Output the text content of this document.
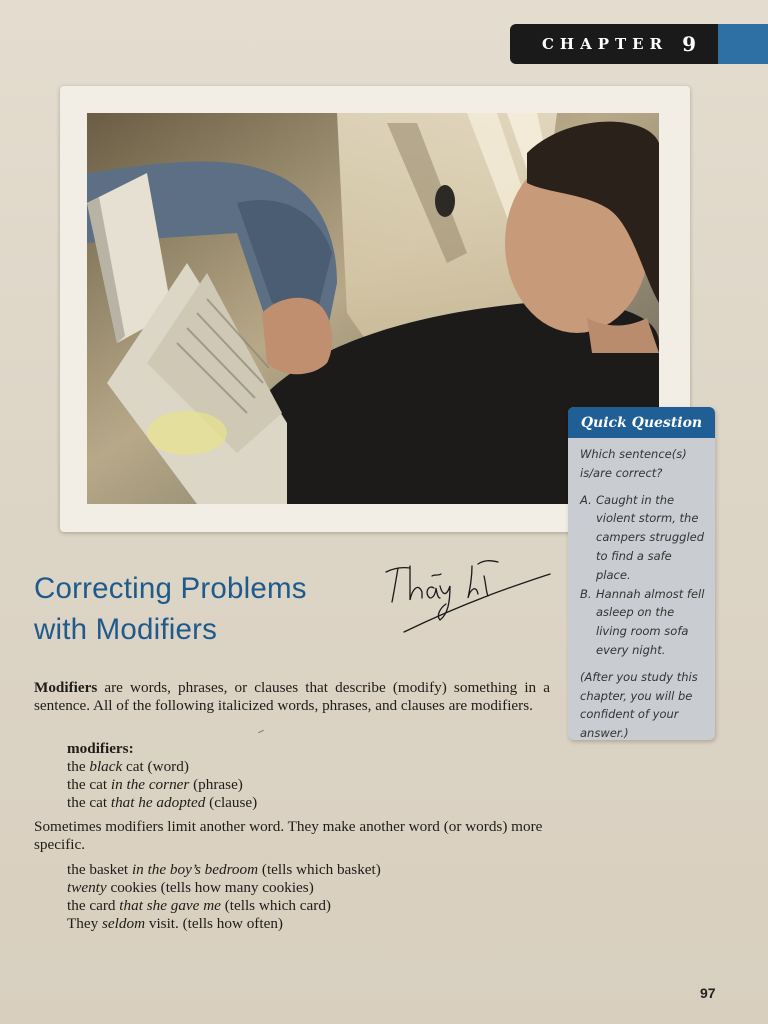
CHAPTER 9
Quick Question

Which sentence(s) is/are correct?

A. Caught in the violent storm, the campers struggled to find a safe place.
B. Hannah almost fell asleep on the living room sofa every night.

(After you study this chapter, you will be confident of your answer.)

Correcting Problems
with Modifiers
Modifiers are words, phrases, or clauses that describe (modify) something in a sentence. All of the following italicized words, phrases, and clauses are modifiers.
modifiers:
the black cat (word)
the cat in the corner (phrase)
the cat that he adopted (clause)
Sometimes modifiers limit another word. They make another word (or words) more specific.
the basket in the boy’s bedroom (tells which basket)
twenty cookies (tells how many cookies)
the card that she gave me (tells which card)
They seldom visit. (tells how often)
97
